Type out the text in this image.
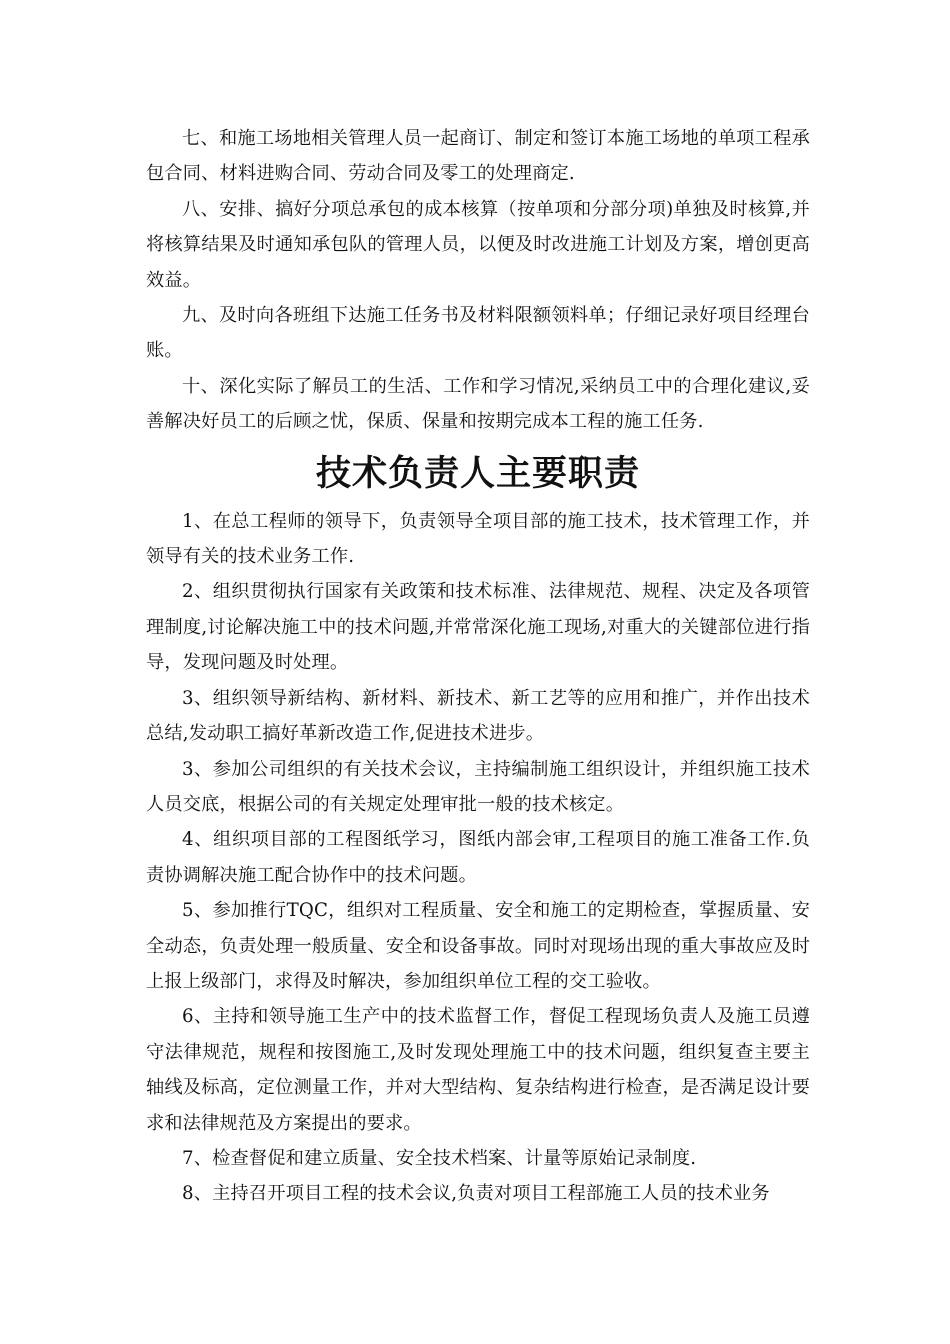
七、和施工场地相关管理人员一起商订、制定和签订本施工场地的单项工程承包合同、材料进购合同、劳动合同及零工的处理商定.

八、安排、搞好分项总承包的成本核算（按单项和分部分项)单独及时核算,并将核算结果及时通知承包队的管理人员，以便及时改进施工计划及方案，增创更高效益。

九、及时向各班组下达施工任务书及材料限额领料单；仔细记录好项目经理台账。

十、深化实际了解员工的生活、工作和学习情况,采纳员工中的合理化建议,妥善解决好员工的后顾之忧，保质、保量和按期完成本工程的施工任务.

技术负责人主要职责

1、在总工程师的领导下，负责领导全项目部的施工技术，技术管理工作，并领导有关的技术业务工作.

2、组织贯彻执行国家有关政策和技术标准、法律规范、规程、决定及各项管理制度,讨论解决施工中的技术问题,并常常深化施工现场,对重大的关键部位进行指导，发现问题及时处理。

3、组织领导新结构、新材料、新技术、新工艺等的应用和推广，并作出技术总结,发动职工搞好革新改造工作,促进技术进步。

3、参加公司组织的有关技术会议，主持编制施工组织设计，并组织施工技术人员交底，根据公司的有关规定处理审批一般的技术核定。

4、组织项目部的工程图纸学习，图纸内部会审,工程项目的施工准备工作.负责协调解决施工配合协作中的技术问题。

5、参加推行TQC，组织对工程质量、安全和施工的定期检查，掌握质量、安全动态，负责处理一般质量、安全和设备事故。同时对现场出现的重大事故应及时上报上级部门，求得及时解决，参加组织单位工程的交工验收。

6、主持和领导施工生产中的技术监督工作，督促工程现场负责人及施工员遵守法律规范，规程和按图施工,及时发现处理施工中的技术问题，组织复查主要主轴线及标高，定位测量工作，并对大型结构、复杂结构进行检查，是否满足设计要求和法律规范及方案提出的要求。

7、检查督促和建立质量、安全技术档案、计量等原始记录制度.

8、主持召开项目工程的技术会议,负责对项目工程部施工人员的技术业务
